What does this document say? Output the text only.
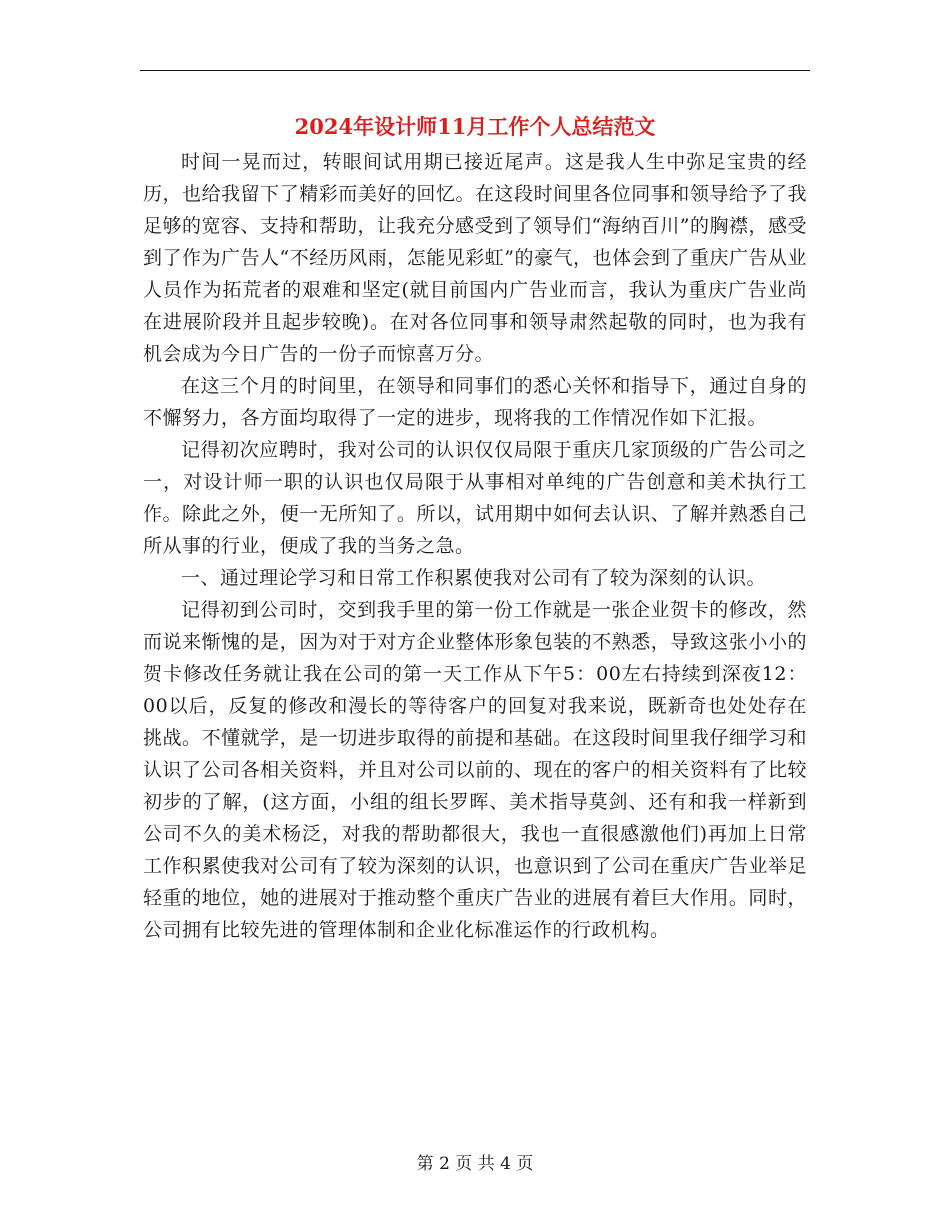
2024年设计师11月工作个人总结范文

时间一晃而过，转眼间试用期已接近尾声。这是我人生中弥足宝贵的经历，也给我留下了精彩而美好的回忆。在这段时间里各位同事和领导给予了我足够的宽容、支持和帮助，让我充分感受到了领导们“海纳百川”的胸襟，感受到了作为广告人“不经历风雨，怎能见彩虹”的豪气，也体会到了重庆广告从业人员作为拓荒者的艰难和坚定(就目前国内广告业而言，我认为重庆广告业尚在进展阶段并且起步较晚)。在对各位同事和领导肃然起敬的同时，也为我有机会成为今日广告的一份子而惊喜万分。

在这三个月的时间里，在领导和同事们的悉心关怀和指导下，通过自身的不懈努力，各方面均取得了一定的进步，现将我的工作情况作如下汇报。

记得初次应聘时，我对公司的认识仅仅局限于重庆几家顶级的广告公司之一，对设计师一职的认识也仅局限于从事相对单纯的广告创意和美术执行工作。除此之外，便一无所知了。所以，试用期中如何去认识、了解并熟悉自己所从事的行业，便成了我的当务之急。

一、通过理论学习和日常工作积累使我对公司有了较为深刻的认识。

记得初到公司时，交到我手里的第一份工作就是一张企业贺卡的修改，然而说来惭愧的是，因为对于对方企业整体形象包装的不熟悉，导致这张小小的贺卡修改任务就让我在公司的第一天工作从下午5：00左右持续到深夜12：00以后，反复的修改和漫长的等待客户的回复对我来说，既新奇也处处存在挑战。不懂就学，是一切进步取得的前提和基础。在这段时间里我仔细学习和认识了公司各相关资料，并且对公司以前的、现在的客户的相关资料有了比较初步的了解，(这方面，小组的组长罗晖、美术指导莫剑、还有和我一样新到公司不久的美术杨泛，对我的帮助都很大，我也一直很感激他们)再加上日常工作积累使我对公司有了较为深刻的认识，也意识到了公司在重庆广告业举足轻重的地位，她的进展对于推动整个重庆广告业的进展有着巨大作用。同时，公司拥有比较先进的管理体制和企业化标准运作的行政机构。

第 2 页 共 4 页
